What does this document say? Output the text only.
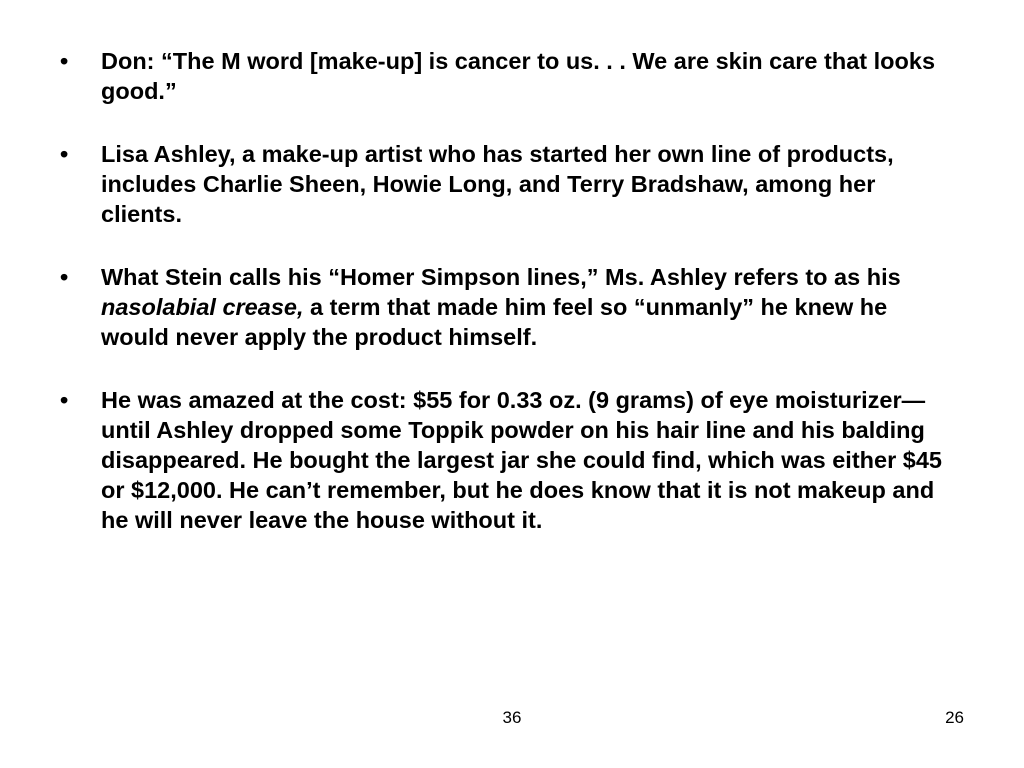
• Don: “The M word [make-up] is cancer to us. . . We are skin care that looks good.”
• Lisa Ashley, a make-up artist who has started her own line of products, includes Charlie Sheen, Howie Long, and Terry Bradshaw, among her clients.
• What Stein calls his “Homer Simpson lines,” Ms. Ashley refers to as his nasolabial crease, a term that made him feel so “unmanly” he knew he would never apply the product himself.
• He was amazed at the cost: $55 for 0.33 oz. (9 grams) of eye moisturizer—until Ashley dropped some Toppik powder on his hair line and his balding disappeared. He bought the largest jar she could find, which was either $45 or $12,000. He can’t remember, but he does know that it is not makeup and he will never leave the house without it.
36	26
